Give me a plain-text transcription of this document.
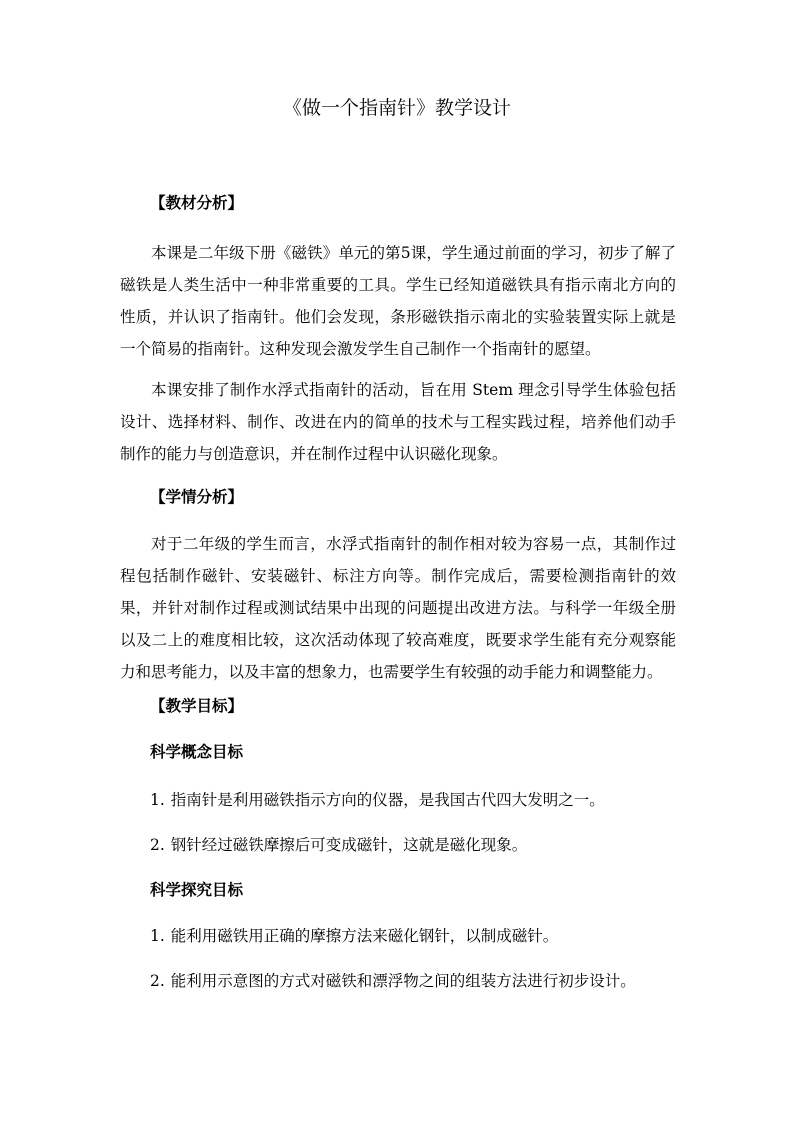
《做一个指南针》教学设计
【教材分析】

本课是二年级下册《磁铁》单元的第5课，学生通过前面的学习，初步了解了磁铁是人类生活中一种非常重要的工具。学生已经知道磁铁具有指示南北方向的性质，并认识了指南针。他们会发现，条形磁铁指示南北的实验装置实际上就是一个简易的指南针。这种发现会激发学生自己制作一个指南针的愿望。

本课安排了制作水浮式指南针的活动，旨在用 Stem 理念引导学生体验包括设计、选择材料、制作、改进在内的简单的技术与工程实践过程，培养他们动手制作的能力与创造意识，并在制作过程中认识磁化现象。

【学情分析】

对于二年级的学生而言，水浮式指南针的制作相对较为容易一点，其制作过程包括制作磁针、安装磁针、标注方向等。制作完成后，需要检测指南针的效果，并针对制作过程或测试结果中出现的问题提出改进方法。与科学一年级全册以及二上的难度相比较，这次活动体现了较高难度，既要求学生能有充分观察能力和思考能力，以及丰富的想象力，也需要学生有较强的动手能力和调整能力。

【教学目标】
科学概念目标

1. 指南针是利用磁铁指示方向的仪器，是我国古代四大发明之一。

2. 钢针经过磁铁摩擦后可变成磁针，这就是磁化现象。

科学探究目标

1. 能利用磁铁用正确的摩擦方法来磁化钢针，以制成磁针。

2. 能利用示意图的方式对磁铁和漂浮物之间的组装方法进行初步设计。
